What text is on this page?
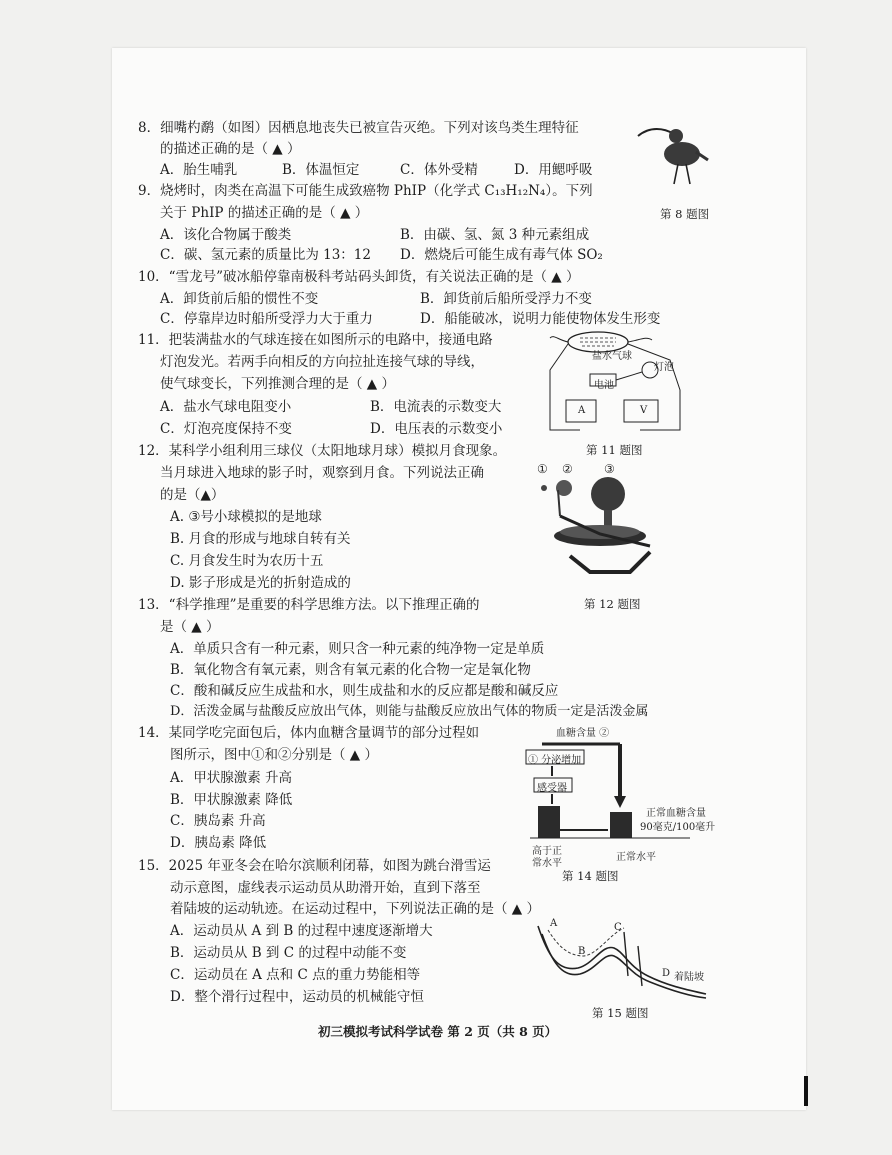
8．细嘴杓鹬（如图）因栖息地丧失已被宣告灭绝。下列对该鸟类生理特征
的描述正确的是（ ▲ ）
A．胎生哺乳	B．体温恒定	C．体外受精	D．用鳃呼吸
第 8 题图
9．烧烤时，肉类在高温下可能生成致癌物 PhIP（化学式 C₁₃H₁₂N₄）。下列
关于 PhIP 的描述正确的是（ ▲ ）
A．该化合物属于酸类	B．由碳、氢、氮 3 种元素组成
C．碳、氢元素的质量比为 13：12 D．燃烧后可能生成有毒气体 SO₂
10．“雪龙号”破冰船停靠南极科考站码头卸货，有关说法正确的是（ ▲ ）
A．卸货前后船的惯性不变	B．卸货前后船所受浮力不变
C．停靠岸边时船所受浮力大于重力	D．船能破冰，说明力能使物体发生形变
11．把装满盐水的气球连接在如图所示的电路中，接通电路
灯泡发光。若两手向相反的方向拉扯连接气球的导线，
使气球变长，下列推测合理的是（ ▲ ）
A．盐水气球电阻变小	B．电流表的示数变大
C．灯泡亮度保持不变	D．电压表的示数变小
盐水气球
灯泡
电池
A	V
第 11 题图
12．某科学小组利用三球仪（太阳地球月球）模拟月食现象。
当月球进入地球的影子时，观察到月食。下列说法正确
的是（▲）
A. ③号小球模拟的是地球
B. 月食的形成与地球自转有关
C. 月食发生时为农历十五
D. 影子形成是光的折射造成的
① ②	③
第 12 题图
13．“科学推理”是重要的科学思维方法。以下推理正确的
是（ ▲ ）
A．单质只含有一种元素，则只含一种元素的纯净物一定是单质
B．氧化物含有氧元素，则含有氧元素的化合物一定是氧化物
C．酸和碱反应生成盐和水，则生成盐和水的反应都是酸和碱反应
D．活泼金属与盐酸反应放出气体，则能与盐酸反应放出气体的物质一定是活泼金属
14．某同学吃完面包后，体内血糖含量调节的部分过程如
图所示，图中①和②分别是（ ▲ ）
A．甲状腺激素 升高
B．甲状腺激素 降低
C．胰岛素 升高
D．胰岛素 降低
血糖含量 ②
① 分泌增加
感受器
正常血糖含量
90毫克/100毫升
高于正
常水平
正常水平
第 14 题图
15．2025 年亚冬会在哈尔滨顺利闭幕，如图为跳台滑雪运
动示意图，虚线表示运动员从助滑开始，直到下落至
着陆坡的运动轨迹。在运动过程中，下列说法正确的是（ ▲ ）
A．运动员从 A 到 B 的过程中速度逐渐增大
B．运动员从 B 到 C 的过程中动能不变
C．运动员在 A 点和 C 点的重力势能相等
D．整个滑行过程中，运动员的机械能守恒
A
B
C
D 着陆坡
第 15 题图
初三模拟考试科学试卷 第 2 页（共 8 页）
